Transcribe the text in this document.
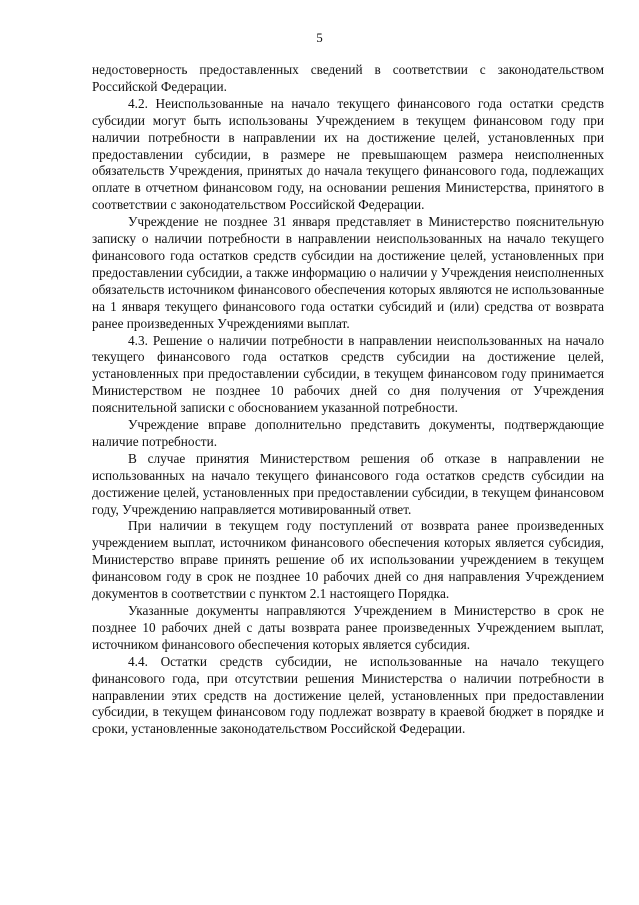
5

недостоверность предоставленных сведений в соответствии с законодательством Российской Федерации.

4.2. Неиспользованные на начало текущего финансового года остатки средств субсидии могут быть использованы Учреждением в текущем финансовом году при наличии потребности в направлении их на достижение целей, установленных при предоставлении субсидии, в размере не превышающем размера неисполненных обязательств Учреждения, принятых до начала текущего финансового года, подлежащих оплате в отчетном финансовом году, на основании решения Министерства, принятого в соответствии с законодательством Российской Федерации.

Учреждение не позднее 31 января представляет в Министерство пояснительную записку о наличии потребности в направлении неиспользованных на начало текущего финансового года остатков средств субсидии на достижение целей, установленных при предоставлении субсидии, а также информацию о наличии у Учреждения неисполненных обязательств источником финансового обеспечения которых являются не использованные на 1 января текущего финансового года остатки субсидий и (или) средства от возврата ранее произведенных Учреждениями выплат.

4.3. Решение о наличии потребности в направлении неиспользованных на начало текущего финансового года остатков средств субсидии на достижение целей, установленных при предоставлении субсидии, в текущем финансовом году принимается Министерством не позднее 10 рабочих дней со дня получения от Учреждения пояснительной записки с обоснованием указанной потребности.

Учреждение вправе дополнительно представить документы, подтверждающие наличие потребности.

В случае принятия Министерством решения об отказе в направлении не использованных на начало текущего финансового года остатков средств субсидии на достижение целей, установленных при предоставлении субсидии, в текущем финансовом году, Учреждению направляется мотивированный ответ.

При наличии в текущем году поступлений от возврата ранее произведенных учреждением выплат, источником финансового обеспечения которых является субсидия, Министерство вправе принять решение об их использовании учреждением в текущем финансовом году в срок не позднее 10 рабочих дней со дня направления Учреждением документов в соответствии с пунктом 2.1 настоящего Порядка.

Указанные документы направляются Учреждением в Министерство в срок не позднее 10 рабочих дней с даты возврата ранее произведенных Учреждением выплат, источником финансового обеспечения которых является субсидия.

4.4. Остатки средств субсидии, не использованные на начало текущего финансового года, при отсутствии решения Министерства о наличии потребности в направлении этих средств на достижение целей, установленных при предоставлении субсидии, в текущем финансовом году подлежат возврату в краевой бюджет в порядке и сроки, установленные законодательством Российской Федерации.
